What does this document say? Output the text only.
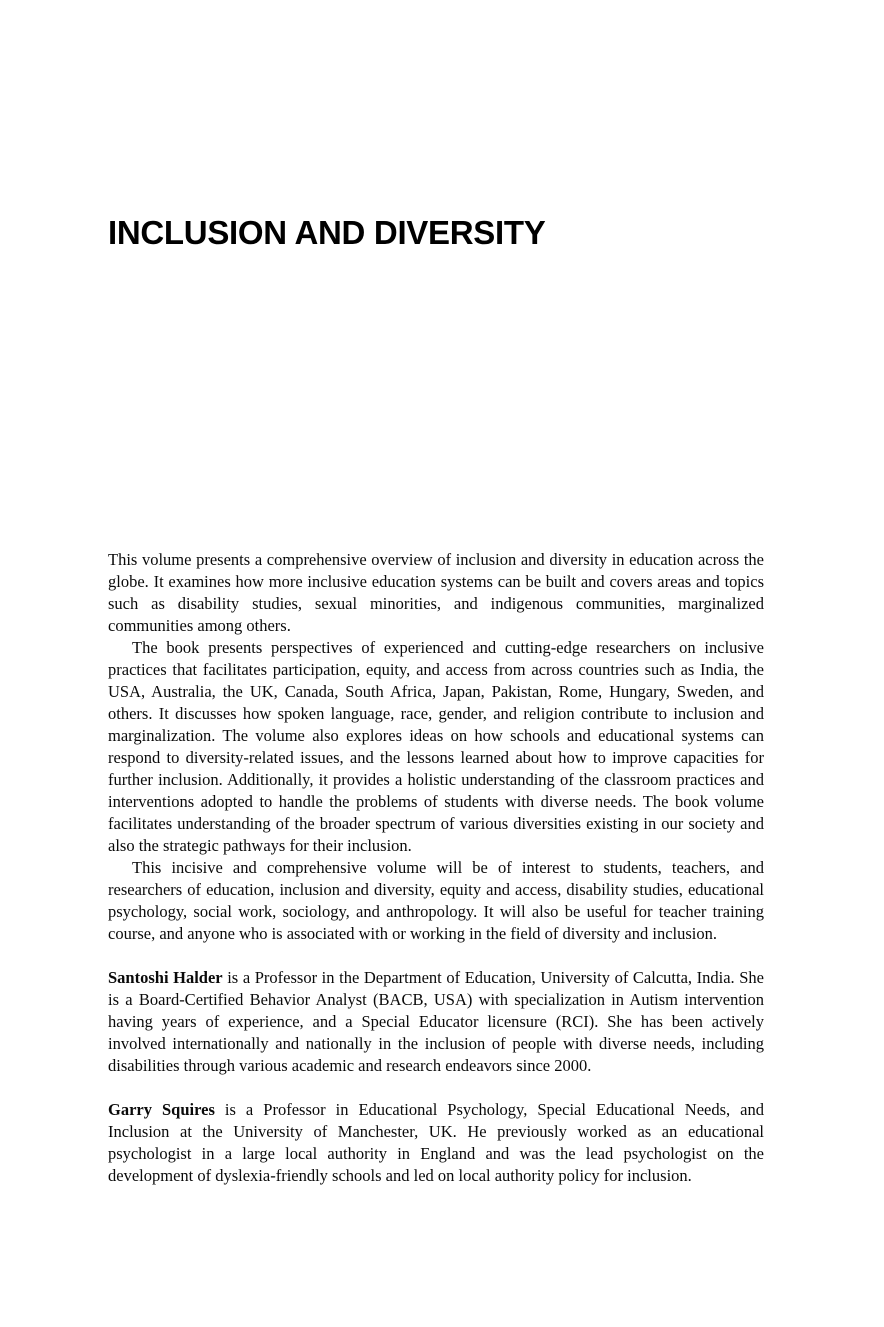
INCLUSION AND DIVERSITY

This volume presents a comprehensive overview of inclusion and diversity in education across the globe. It examines how more inclusive education systems can be built and covers areas and topics such as disability studies, sexual minorities, and indigenous communities, marginalized communities among others.

The book presents perspectives of experienced and cutting-edge researchers on inclusive practices that facilitates participation, equity, and access from across countries such as India, the USA, Australia, the UK, Canada, South Africa, Japan, Pakistan, Rome, Hungary, Sweden, and others. It discusses how spoken language, race, gender, and religion contribute to inclusion and marginalization. The volume also explores ideas on how schools and educational systems can respond to diversity-related issues, and the lessons learned about how to improve capacities for further inclusion. Additionally, it provides a holistic understanding of the classroom practices and interventions adopted to handle the problems of students with diverse needs. The book volume facilitates understanding of the broader spectrum of various diversities existing in our society and also the strategic pathways for their inclusion.

This incisive and comprehensive volume will be of interest to students, teachers, and researchers of education, inclusion and diversity, equity and access, disability studies, educational psychology, social work, sociology, and anthropology. It will also be useful for teacher training course, and anyone who is associated with or working in the field of diversity and inclusion.

Santoshi Halder is a Professor in the Department of Education, University of Calcutta, India. She is a Board-Certified Behavior Analyst (BACB, USA) with specialization in Autism intervention having years of experience, and a Special Educator licensure (RCI). She has been actively involved internationally and nationally in the inclusion of people with diverse needs, including disabilities through various academic and research endeavors since 2000.

Garry Squires is a Professor in Educational Psychology, Special Educational Needs, and Inclusion at the University of Manchester, UK. He previously worked as an educational psychologist in a large local authority in England and was the lead psychologist on the development of dyslexia-friendly schools and led on local authority policy for inclusion.
